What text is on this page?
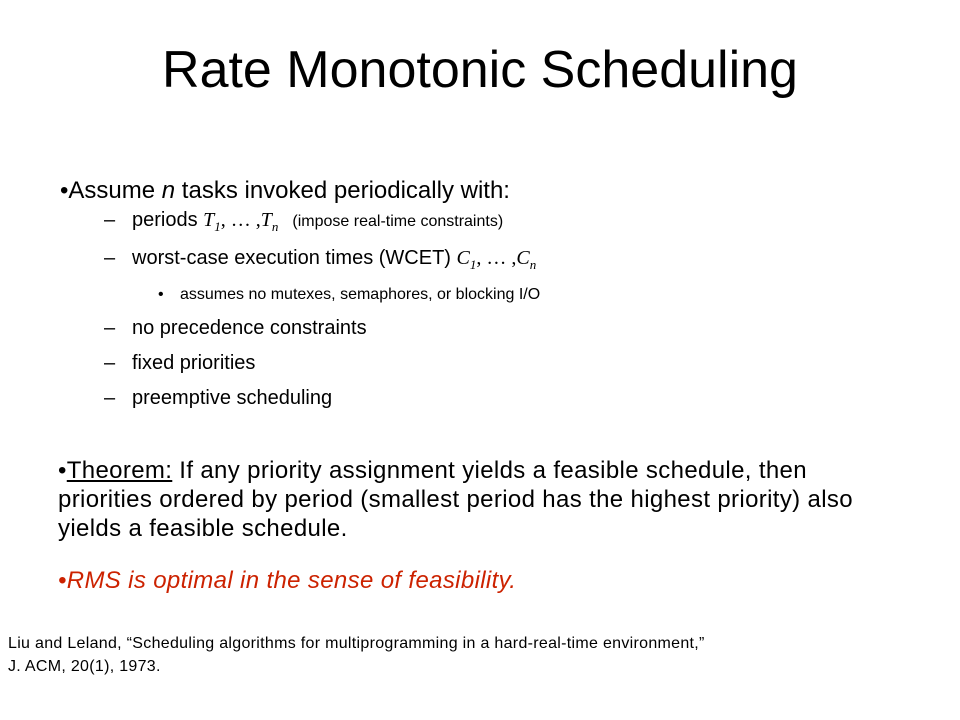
Rate Monotonic Scheduling
•Assume n tasks invoked periodically with:
– periods $T_1$, … $,T_n$ (impose real-time constraints)
– worst-case execution times (WCET) $C_1$, … $,C_n$
• assumes no mutexes, semaphores, or blocking I/O
– no precedence constraints
– fixed priorities
– preemptive scheduling
•Theorem: If any priority assignment yields a feasible schedule, then priorities ordered by period (smallest period has the highest priority) also yields a feasible schedule.
•RMS is optimal in the sense of feasibility.
Liu and Leland, “Scheduling algorithms for multiprogramming in a hard-real-time environment,” J. ACM, 20(1), 1973.
